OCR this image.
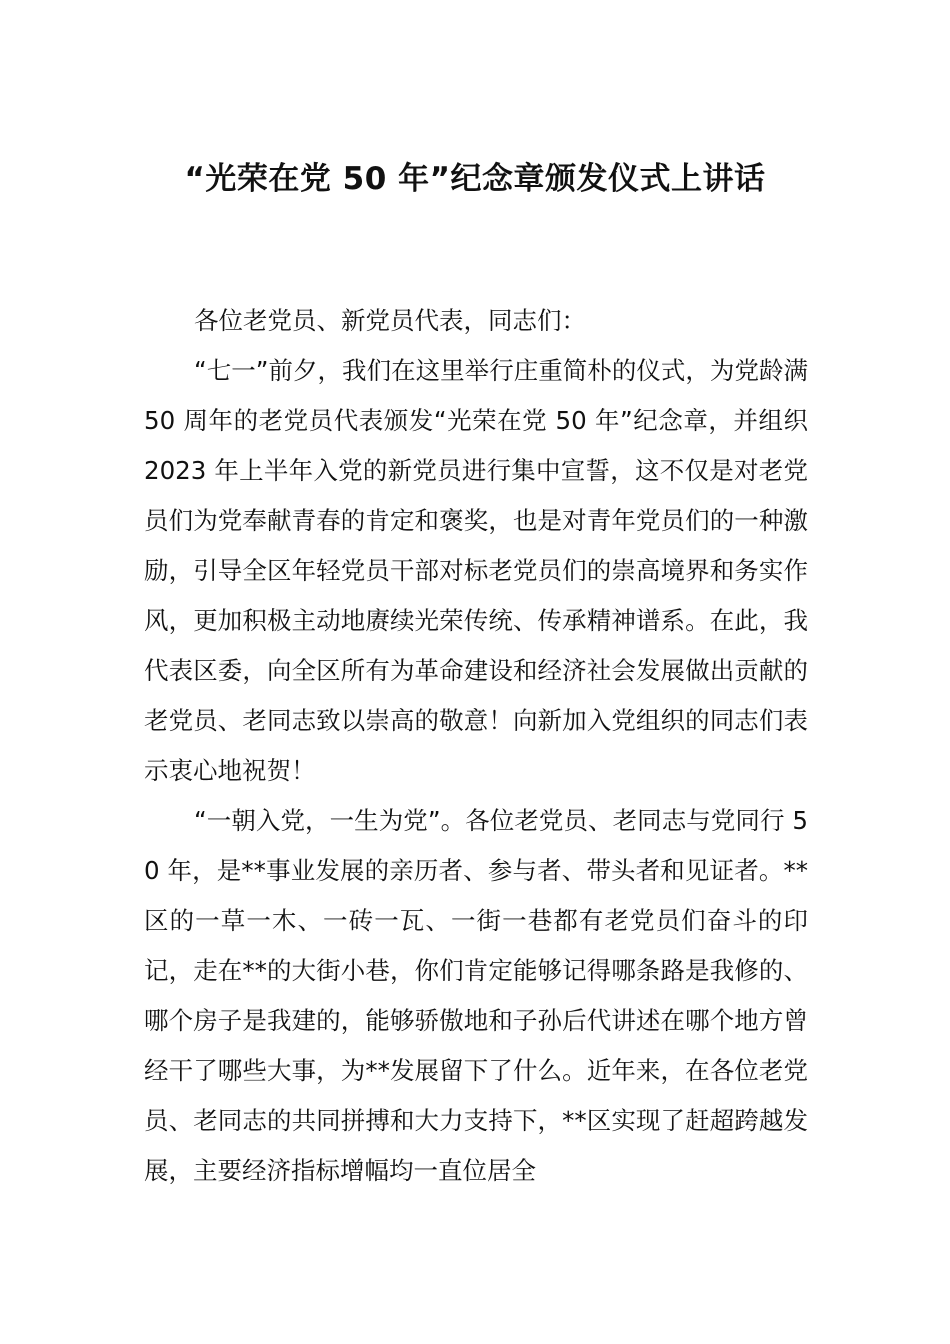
“光荣在党 50 年”纪念章颁发仪式上讲话

各位老党员、新党员代表，同志们：

“七一”前夕，我们在这里举行庄重简朴的仪式，为党龄满 50 周年的老党员代表颁发“光荣在党 50 年”纪念章，并组织 2023 年上半年入党的新党员进行集中宣誓，这不仅是对老党员们为党奉献青春的肯定和褒奖，也是对青年党员们的一种激励，引导全区年轻党员干部对标老党员们的崇高境界和务实作风，更加积极主动地赓续光荣传统、传承精神谱系。在此，我代表区委，向全区所有为革命建设和经济社会发展做出贡献的老党员、老同志致以崇高的敬意！向新加入党组织的同志们表示衷心地祝贺！

“一朝入党，一生为党”。各位老党员、老同志与党同行 50 年，是**事业发展的亲历者、参与者、带头者和见证者。**区的一草一木、一砖一瓦、一街一巷都有老党员们奋斗的印记，走在**的大街小巷，你们肯定能够记得哪条路是我修的、哪个房子是我建的，能够骄傲地和子孙后代讲述在哪个地方曾经干了哪些大事，为**发展留下了什么。近年来，在各位老党员、老同志的共同拼搏和大力支持下，**区实现了赶超跨越发展，主要经济指标增幅均一直位居全
